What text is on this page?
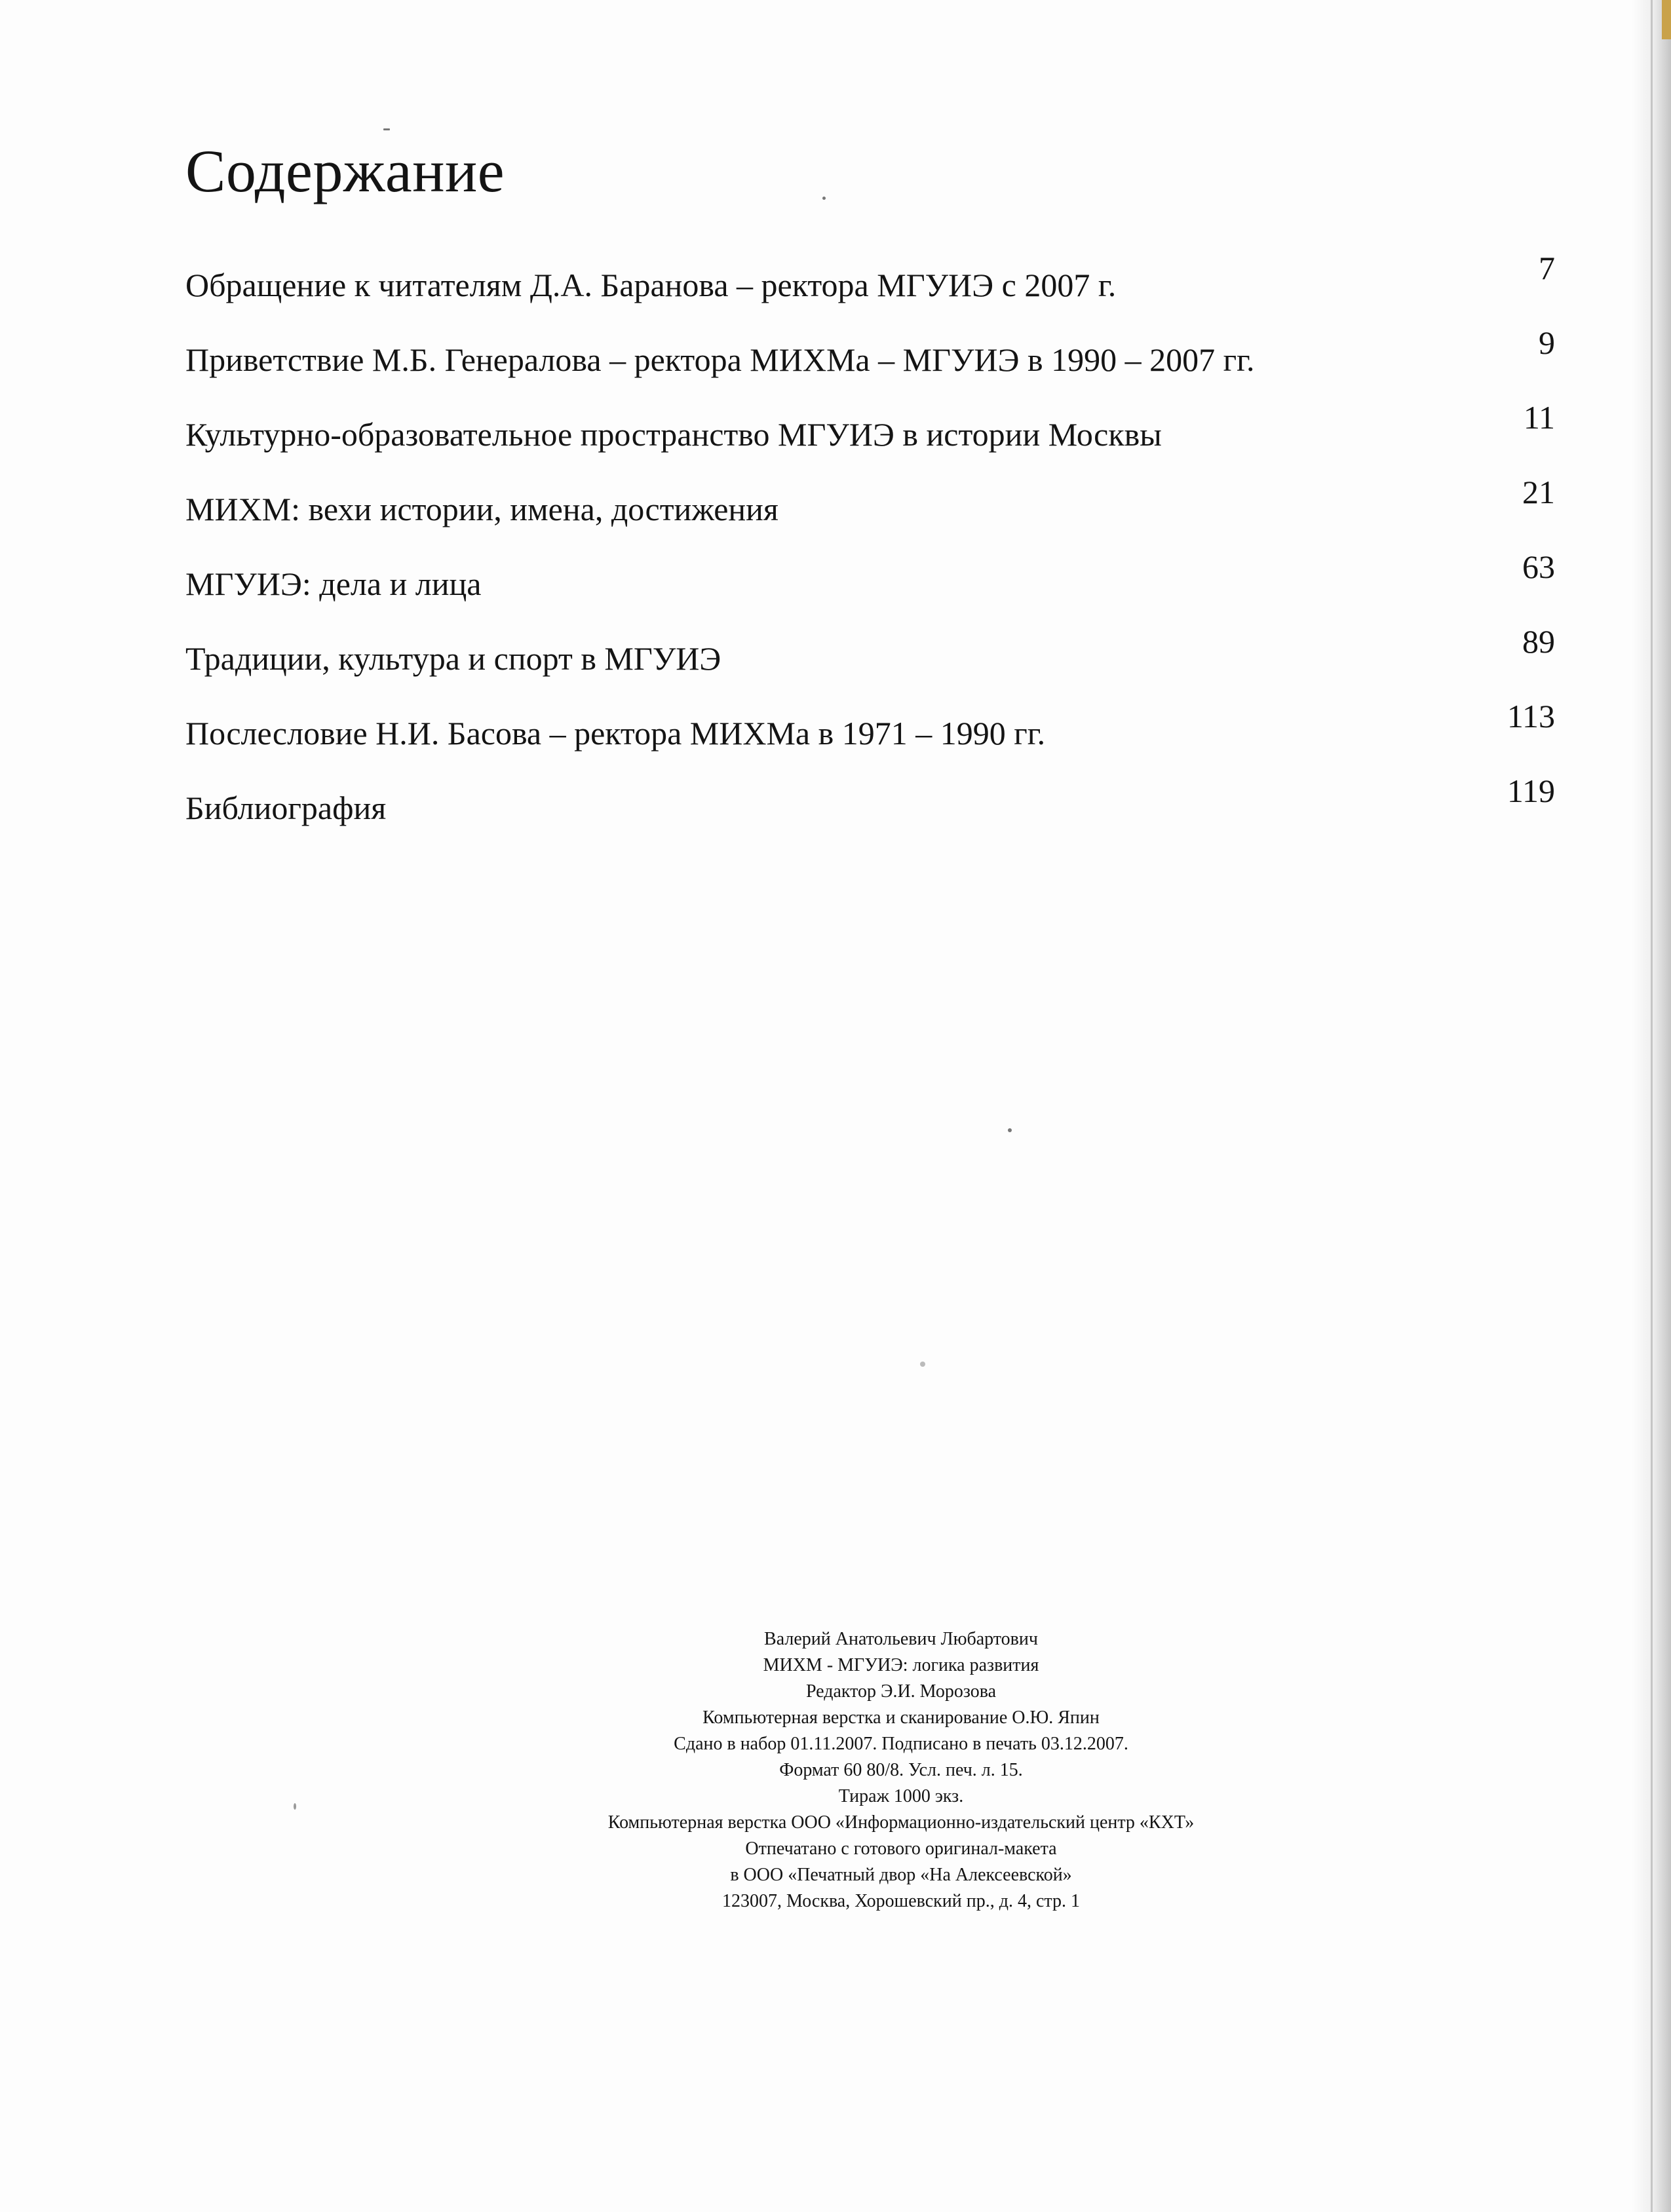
Содержание
Обращение к читателям Д.А. Баранова – ректора МГУИЭ с 2007 г.	7
Приветствие М.Б. Генералова – ректора МИХМа – МГУИЭ в 1990 – 2007 гг.	9
Культурно-образовательное пространство МГУИЭ в истории Москвы	11
МИХМ: вехи истории, имена, достижения	21
МГУИЭ: дела и лица	63
Традиции, культура и спорт в МГУИЭ	89
Послесловие Н.И. Басова – ректора МИХМа в 1971 – 1990 гг.	113
Библиография	119
Валерий Анатольевич Любартович
МИХМ - МГУИЭ: логика развития
Редактор Э.И. Морозова
Компьютерная верстка и сканирование О.Ю. Япин
Сдано в набор 01.11.2007. Подписано в печать 03.12.2007.
Формат 60 80/8. Усл. печ. л. 15.
Тираж 1000 экз.
Компьютерная верстка ООО «Информационно-издательский центр «КХТ»
Отпечатано с готового оригинал-макета
в ООО «Печатный двор «На Алексеевской»
123007, Москва, Хорошевский пр., д. 4, стр. 1
